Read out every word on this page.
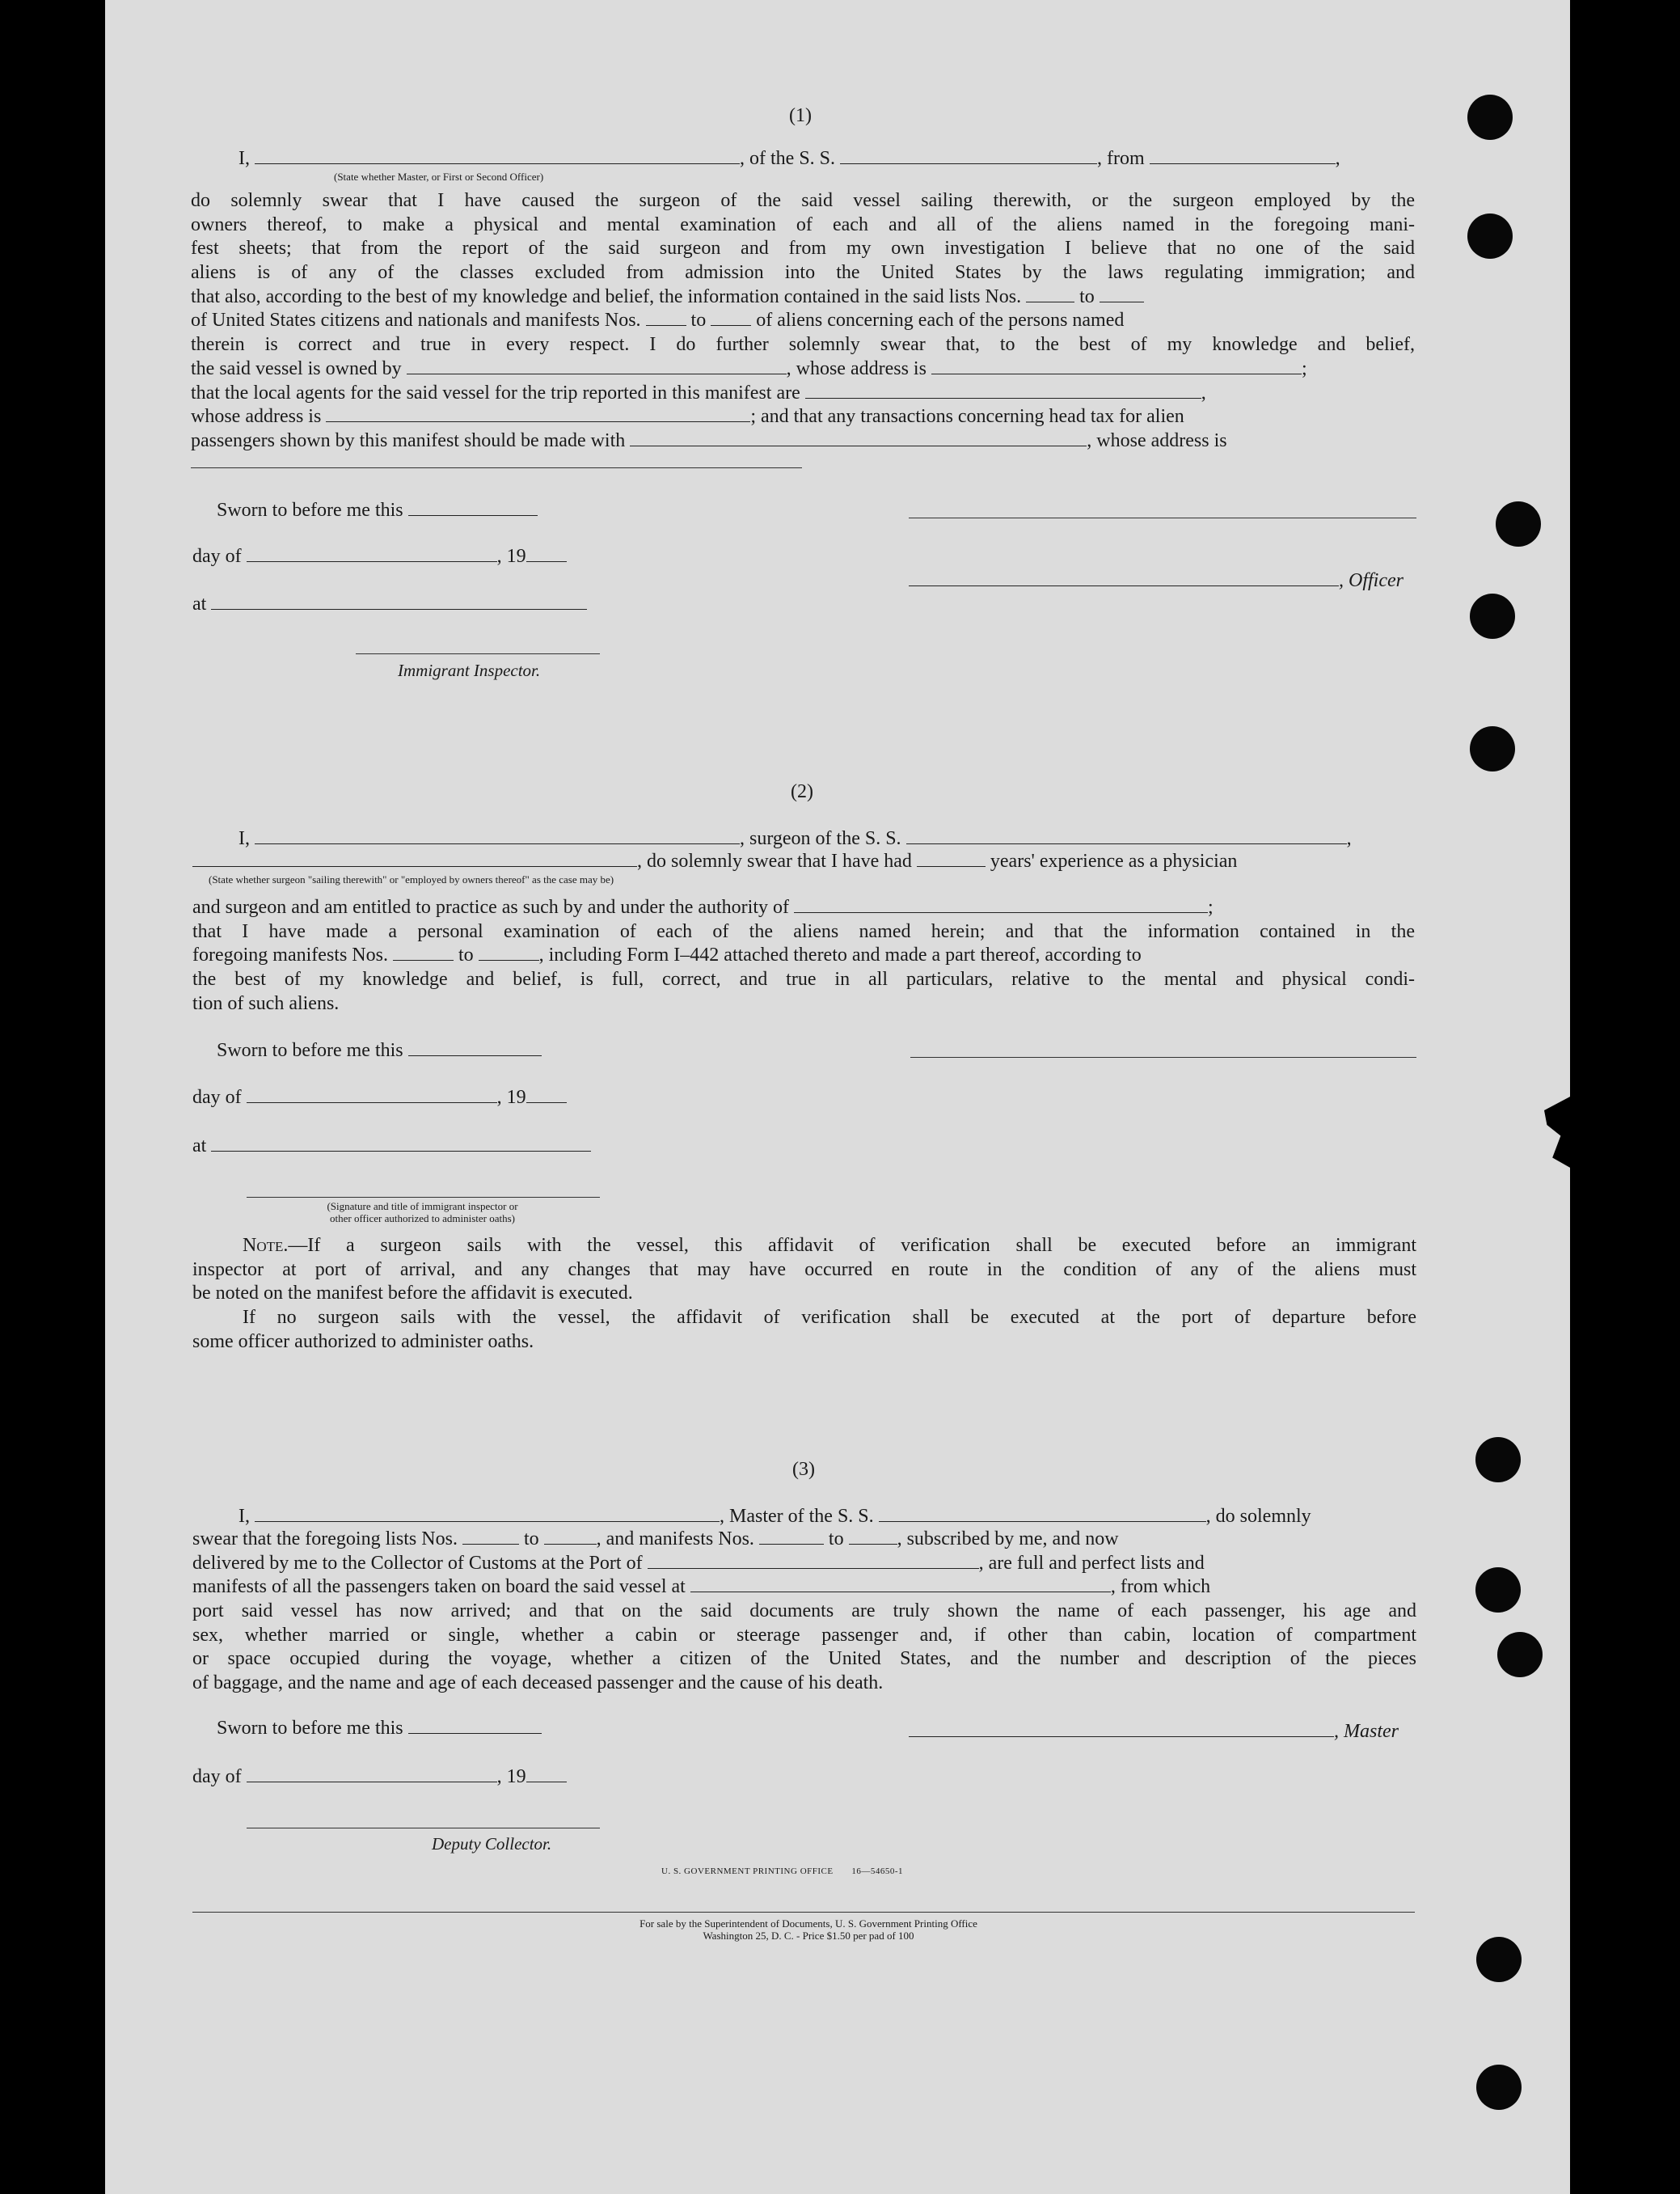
(1)
I,	, of the S. S.	, from	,
(State whether Master, or First or Second Officer)
do solemnly swear that I have caused the surgeon of the said vessel sailing therewith, or the surgeon employed by the
owners thereof, to make a physical and mental examination of each and all of the aliens named in the foregoing mani-
fest sheets; that from the report of the said surgeon and from my own investigation I believe that no one of the said
aliens is of any of the classes excluded from admission into the United States by the laws regulating immigration; and
that also, according to the best of my knowledge and belief, the information contained in the said lists Nos.	to
of United States citizens and nationals and manifests Nos.	to	of aliens concerning each of the persons named
therein is correct and true in every respect. I do further solemnly swear that, to the best of my knowledge and belief,
the said vessel is owned by	, whose address is	;
that the local agents for the said vessel for the trip reported in this manifest are	,
whose address is	; and that any transactions concerning head tax for alien
passengers shown by this manifest should be made with	, whose address is
Sworn to before me this
day of	, 19
at
Immigrant Inspector.
, Officer
(2)
I,	, surgeon of the S. S.	,
, do solemnly swear that I have had	years' experience as a physician
(State whether surgeon "sailing therewith" or "employed by owners thereof" as the case may be)
and surgeon and am entitled to practice as such by and under the authority of	;
that I have made a personal examination of each of the aliens named herein; and that the information contained in the
foregoing manifests Nos.	to	, including Form I–442 attached thereto and made a part thereof, according to
the best of my knowledge and belief, is full, correct, and true in all particulars, relative to the mental and physical condi-
tion of such aliens.
Sworn to before me this
day of	, 19
at
(Signature and title of immigrant inspector or
other officer authorized to administer oaths)
Note.—If a surgeon sails with the vessel, this affidavit of verification shall be executed before an immigrant
inspector at port of arrival, and any changes that may have occurred en route in the condition of any of the aliens must
be noted on the manifest before the affidavit is executed.
If no surgeon sails with the vessel, the affidavit of verification shall be executed at the port of departure before
some officer authorized to administer oaths.
(3)
I,	, Master of the S. S.	, do solemnly
swear that the foregoing lists Nos.	to	, and manifests Nos.	to	, subscribed by me, and now
delivered by me to the Collector of Customs at the Port of	, are full and perfect lists and
manifests of all the passengers taken on board the said vessel at	, from which
port said vessel has now arrived; and that on the said documents are truly shown the name of each passenger, his age and
sex, whether married or single, whether a cabin or steerage passenger and, if other than cabin, location of compartment
or space occupied during the voyage, whether a citizen of the United States, and the number and description of the pieces
of baggage, and the name and age of each deceased passenger and the cause of his death.
Sworn to before me this	, Master
day of	, 19
Deputy Collector.
U. S. GOVERNMENT PRINTING OFFICE 16—54650-1
For sale by the Superintendent of Documents, U. S. Government Printing Office
Washington 25, D. C. - Price $1.50 per pad of 100
